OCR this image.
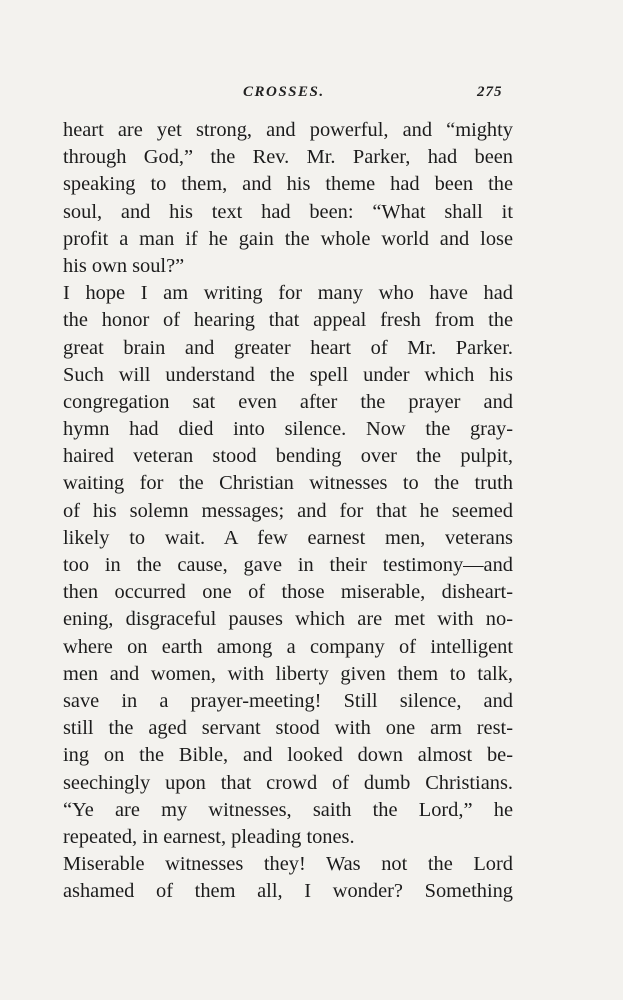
CROSSES.	275
heart are yet strong, and powerful, and “mighty
through God,” the Rev. Mr. Parker, had been
speaking to them, and his theme had been the
soul, and his text had been: “What shall it
profit a man if he gain the whole world and lose
his own soul?”
I hope I am writing for many who have had
the honor of hearing that appeal fresh from the
great brain and greater heart of Mr. Parker.
Such will understand the spell under which his
congregation sat even after the prayer and
hymn had died into silence. Now the gray-
haired veteran stood bending over the pulpit,
waiting for the Christian witnesses to the truth
of his solemn messages; and for that he seemed
likely to wait. A few earnest men, veterans
too in the cause, gave in their testimony—and
then occurred one of those miserable, disheart-
ening, disgraceful pauses which are met with no-
where on earth among a company of intelligent
men and women, with liberty given them to talk,
save in a prayer-meeting! Still silence, and
still the aged servant stood with one arm rest-
ing on the Bible, and looked down almost be-
seechingly upon that crowd of dumb Christians.
“Ye are my witnesses, saith the Lord,” he
repeated, in earnest, pleading tones.
Miserable witnesses they! Was not the Lord
ashamed of them all, I wonder? Something
